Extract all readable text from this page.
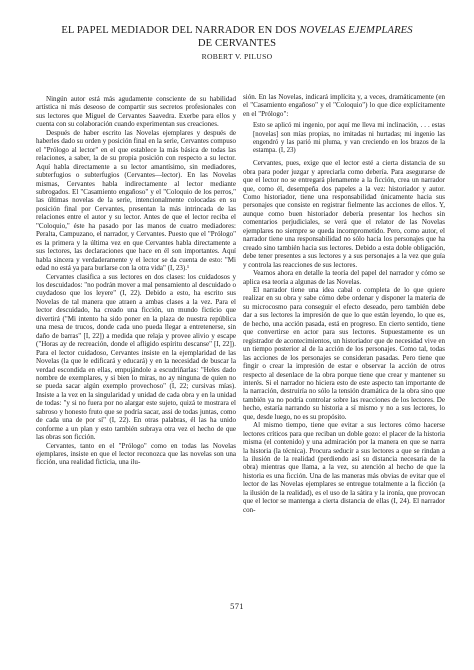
EL PAPEL MEDIADOR DEL NARRADOR EN DOS NOVELAS EJEMPLARES
DE CERVANTES
ROBERT V. PILUSO

Ningún autor está más agudamente consciente de su habilidad artística ni más deseoso de compartir sus secretos profesionales con sus lectores que Miguel de Cervantes Saavedra. Exerbe para ellos y cuenta con su colaboración cuando experimentan sus creaciones.

Después de haber escrito las Novelas ejemplares y después de haberles dado su orden y posición final en la serie, Cervantes compuso el "Prólogo al lector" en el que establece la más básica de todas las relaciones, a saber, la de su propia posición con respecto a su lector. Aquí habla directamente a su lector amantísimo, sin mediadores, subterfugios o subterfugios (Cervantes—lector). En las Novelas mismas, Cervantes habla indirectamente al lector mediante subrogados. El "Casamiento engañoso" y el "Coloquio de los perros," las últimas novelas de la serie, intencionalmente colocadas en su posición final por Cervantes, presentan la más intrincada de las relaciones entre el autor y su lector. Antes de que el lector reciba el "Coloquio," éste ha pasado por las manos de cuatro mediadores: Peralta, Campuzano, el narrador, y Cervantes. Puesto que el "Prólogo" es la primera y la última vez en que Cervantes habla directamente a sus lectores, las declaraciones que hace en él son importantes. Aquí habla sincera y verdaderamente y el lector se da cuenta de esto: "Mi edad no está ya para burlarse con la otra vida" (I, 23).¹

Cervantes clasifica a sus lectores en dos clases: los cuidadosos y los descuidados: "no podrán mover a mal pensamiento al descuidado o cuydadoso que los leyere" (I, 22). Debido a esto, ha escrito sus Novelas de tal manera que atraen a ambas clases a la vez. Para el lector descuidado, ha creado una ficción, un mundo ficticio que divertirá ("Mi intento ha sido poner en la plaza de nuestra república una mesa de trucos, donde cada uno pueda llegar a entretenerse, sin daño de barras" [I, 22]) a medida que relaja y provee alivio y escape ("Horas ay de recreación, donde el afligido espíritu descanse" [I, 22]). Para el lector cuidadoso, Cervantes insiste en la ejemplaridad de las Novelas (la que le edificará y educará) y en la necesidad de buscar la verdad escondida en ellas, empujándole a escudriñarlas: "Heles dado nombre de exemplares, y si bien lo miras, no ay ninguna de quien no se pueda sacar algún exemplo provechoso" (I, 22; cursivas mías). Insiste a la vez en la singularidad y unidad de cada obra y en la unidad de todas: "y si no fuera por no alargar este sujeto, quizá te mostrara el sabroso y honesto fruto que se podría sacar, assi de todas juntas, como de cada una de por sí" (I, 22). En otras palabras, él las ha unido conforme a un plan y esto también subraya otra vez el hecho de que las obras son ficción.

Cervantes, tanto en el "Prólogo" como en todas las Novelas ejemplares, insiste en que el lector reconozca que las novelas son una ficción, una realidad ficticia, una ilu-

sión. En las Novelas, indicará implícita y, a veces, dramáticamente (en el "Casamiento engañoso" y el "Coloquio") lo que dice explícitamente en el "Prólogo":

Esto se aplicó mi ingenio, por aquí me lleva mi inclinación, . . . estas [novelas] son mías propias, no imitadas ni hurtadas; mi ingenio las engendró y las parió mi pluma, y van creciendo en los brazos de la estampa. (I, 23)

Cervantes, pues, exige que el lector esté a cierta distancia de su obra para poder juzgar y apreciarla como debería. Para asegurarse de que el lector no se entregará plenamente a la ficción, crea un narrador que, como él, desempeña dos papeles a la vez: historiador y autor. Como historiador, tiene una responsabilidad únicamente hacia sus personajes que consiste en registrar fielmente las acciones de ellos. Y, aunque como buen historiador debería presentar los hechos sin comentarios perjudiciales, se verá que el relator de las Novelas ejemplares no siempre se queda incomprometido. Pero, como autor, el narrador tiene una responsabilidad no sólo hacia los personajes que ha creado sino también hacia sus lectores. Debido a esta doble obligación, debe tener presentes a sus lectores y a sus personajes a la vez que guía y controla las reacciones de sus lectores.

Veamos ahora en detalle la teoría del papel del narrador y cómo se aplica esa teoría a algunas de las Novelas.

El narrador tiene una idea cabal o completa de lo que quiere realizar en su obra y sabe cómo debe ordenar y disponer la materia de su microcosmo para conseguir el efecto deseado, pero también debe dar a sus lectores la impresión de que lo que están leyendo, lo que es, de hecho, una acción pasada, está en progreso. En cierto sentido, tiene que convertirse en actor para sus lectores. Supuestamente es un registrador de acontecimientos, un historiador que de necesidad vive en un tiempo posterior al de la acción de los personajes. Como tal, todas las acciones de los personajes se consideran pasadas. Pero tiene que fingir o crear la impresión de estar e observar la acción de otros respecto al desenlace de la obra porque tiene que crear y mantener su interés. Si el narrador no hiciera esto de este aspecto tan importante de la narración, destruiría no sólo la tensión dramática de la obra sino que también ya no podría controlar sobre las reacciones de los lectores. De hecho, estaría narrando su historia a sí mismo y no a sus lectores, lo que, desde luego, no es su propósito.

Al mismo tiempo, tiene que evitar a sus lectores cómo hacerse lectores críticos para que reciban un doble gozo: el placer de la historia misma (el contenido) y una admiración por la manera en que se narra la historia (la técnica). Procura seducir a sus lectores a que se rindan a la ilusión de la realidad (perdiendo así su distancia necesaria de la obra) mientras que llama, a la vez, su atención al hecho de que la historia es una ficción. Una de las maneras más obvias de evitar que el lector de las Novelas ejemplares se entregue totalmente a la ficción (a la ilusión de la realidad), es el uso de la sátira y la ironía, que provocan que el lector se mantenga a cierta distancia de ellas (I, 24). El narrador con-

571
